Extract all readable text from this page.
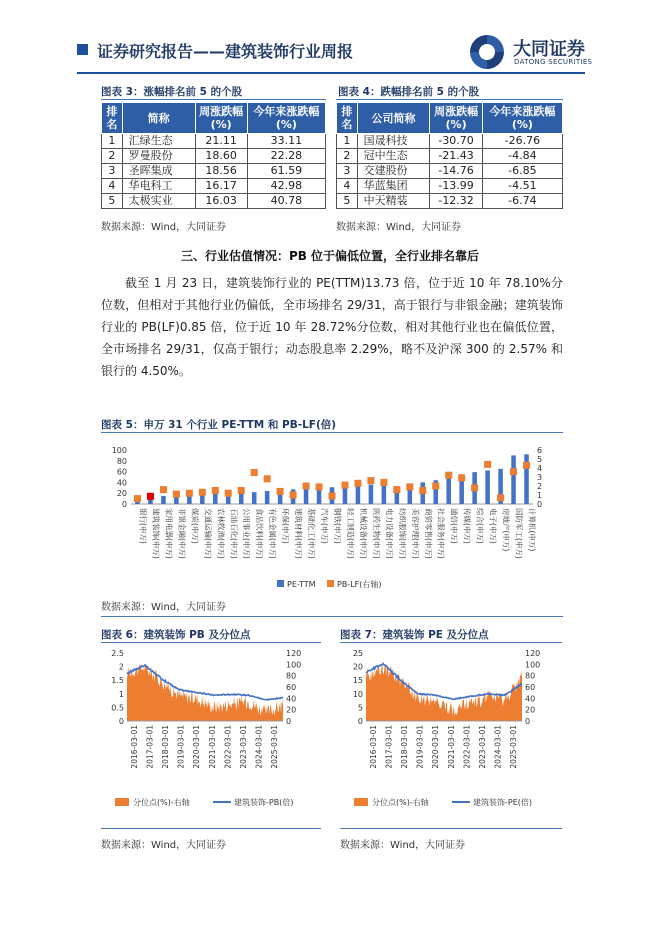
证券研究报告——建筑装饰行业周报	大同证券
DATONG SECURITIES
图表 3：涨幅排名前 5 的个股
排名	简称	周涨跌幅(%)	今年来涨跌幅(%)
1	汇绿生态	21.11	33.11
2	罗曼股份	18.60	22.28
3	圣晖集成	18.56	61.59
4	华电科工	16.17	42.98
5	太极实业	16.03	40.78
数据来源：Wind，大同证券
图表 4：跌幅排名前 5 的个股
排名	公司简称	周涨跌幅(%)	今年来涨跌幅(%)
1	国晟科技	-30.70	-26.76
2	冠中生态	-21.43	-4.84
3	交建股份	-14.76	-6.85
4	华蓝集团	-13.99	-4.51
5	中天精装	-12.32	-6.74
数据来源：Wind，大同证券
三、行业估值情况：PB 位于偏低位置，全行业排名靠后
截至 1 月 23 日，建筑装饰行业的 PE(TTM)13.73 倍，位于近 10 年 78.10%分位数，但相对于其他行业仍偏低，全市场排名 29/31，高于银行与非银金融；建筑装饰行业的 PB(LF)0.85 倍，位于近 10 年 28.72%分位数，相对其他行业也在偏低位置，全市场排名 29/31，仅高于银行；动态股息率 2.29%，略不及沪深 300 的 2.57% 和银行的 4.50%。
图表 5：申万 31 个行业 PE-TTM 和 PB-LF(倍)
0
20
40
60
80
100
0
1
2
3
4
5
6
银行(申万) 建筑装饰(申万) 家用电器(申万) 非银金融(申万) 煤炭(申万) 交通运输(申万) 农林牧渔(申万) 石油石化(申万) 公用事业(申万) 食品饮料(申万) 有色金属(申万) 环保(申万) 建筑材料(申万) 基础化工(申万) 汽车(申万) 钢铁(申万) 轻工制造(申万) 机械设备(申万) 医药生物(申万) 电力设备(申万) 纺织服饰(申万) 美容护理(申万) 商贸零售(申万) 社会服务(申万) 通信(申万) 传媒(申万) 综合(申万) 电子(申万) 房地产(申万) 国防军工(申万) 计算机(申万)
PE-TTM	PB-LF(右轴)
数据来源：Wind，大同证券
图表 6：建筑装饰 PB 及分位点
0
0.5
1
1.5
2
2.5
0
20
40
60
80
100
120
2016-03-01 2017-03-01 2018-03-01 2019-03-01 2020-03-01 2021-03-01 2022-03-01 2023-03-01 2024-03-01 2025-03-01
分位点(%)-右轴	建筑装饰-PB(倍)
数据来源：Wind，大同证券
图表 7：建筑装饰 PE 及分位点
0
5
10
15
20
25
0
20
40
60
80
100
120
2016-03-01 2017-03-01 2018-03-01 2019-03-01 2020-03-01 2021-03-01 2022-03-01 2023-03-01 2024-03-01 2025-03-01
分位点(%)-右轴	建筑装饰-PE(倍)
数据来源：Wind，大同证券
